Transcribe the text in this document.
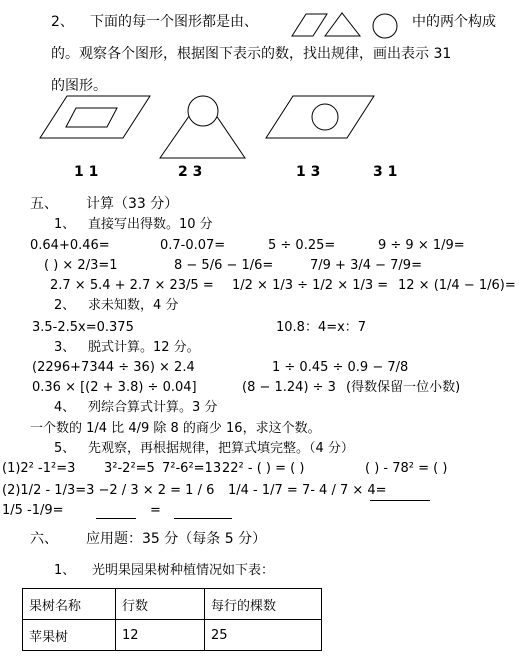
2、 下面的每一个图形都是由、	中的两个构成
的。观察各个图形，根据图下表示的数，找出规律，画出表示 31
的图形。
1 1	2 3	1 3	3 1
五、 计算（33 分）
1、 直接写出得数。10 分
0.64+0.46=	0.7-0.07=	5 ÷ 0.25=	9 ÷ 9 × 1/9=
( ) × 2/3=1	8 − 5/6 − 1/6=	7/9 + 3/4 − 7/9=
2.7 × 5.4 + 2.7 × 23/5 = 1/2 × 1/3 ÷ 1/2 × 1/3 = 12 × (1/4 − 1/6)=
2、 求未知数，4 分
3.5-2.5x=0.375	10.8：4=x：7
3、 脱式计算。12 分。
(2296+7344 ÷ 36) × 2.4	1 ÷ 0.45 ÷ 0.9 − 7/8
0.36 × [(2 + 3.8) ÷ 0.04]	(8 − 1.24) ÷ 3 (得数保留一位小数)
4、 列综合算式计算。3 分
一个数的 1/4 比 4/9 除 8 的商少 16，求这个数。
5、 先观察，再根据规律，把算式填完整。（4 分）
(1)2² -1²=3 3²-2²=5 7²-6²=13 22² - ( ) = ( )	( ) - 78² = ( )
(2)1/2 - 1/3=3 −2 / 3 × 2 = 1 / 6 1/4 - 1/7 = 7- 4 / 7 × 4=
1/5 -1/9=	=
六、 应用题：35 分（每条 5 分）
1、 光明果园果树种植情况如下表：
果树名称	行数	每行的棵数
苹果树	12	25
